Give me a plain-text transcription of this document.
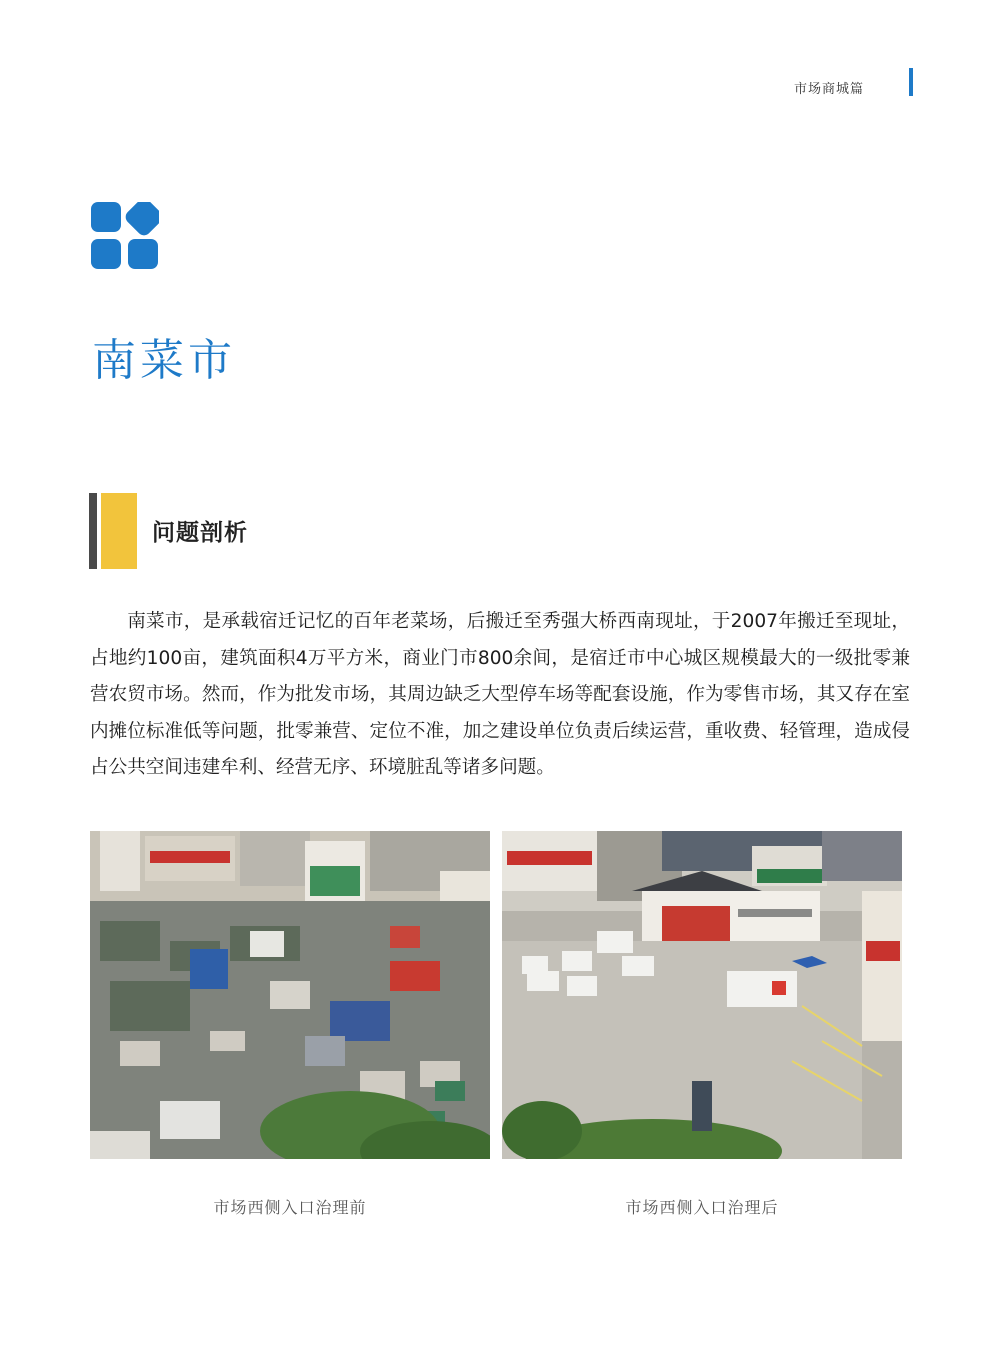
市场商城篇
南菜市
问题剖析

南菜市，是承载宿迁记忆的百年老菜场，后搬迁至秀强大桥西南现址，于2007年搬迁至现址，占地约100亩，建筑面积4万平方米，商业门市800余间，是宿迁市中心城区规模最大的一级批零兼营农贸市场。然而，作为批发市场，其周边缺乏大型停车场等配套设施，作为零售市场，其又存在室内摊位标准低等问题，批零兼营、定位不准，加之建设单位负责后续运营，重收费、轻管理，造成侵占公共空间违建牟利、经营无序、环境脏乱等诸多问题。

市场西侧入口治理前	市场西侧入口治理后
